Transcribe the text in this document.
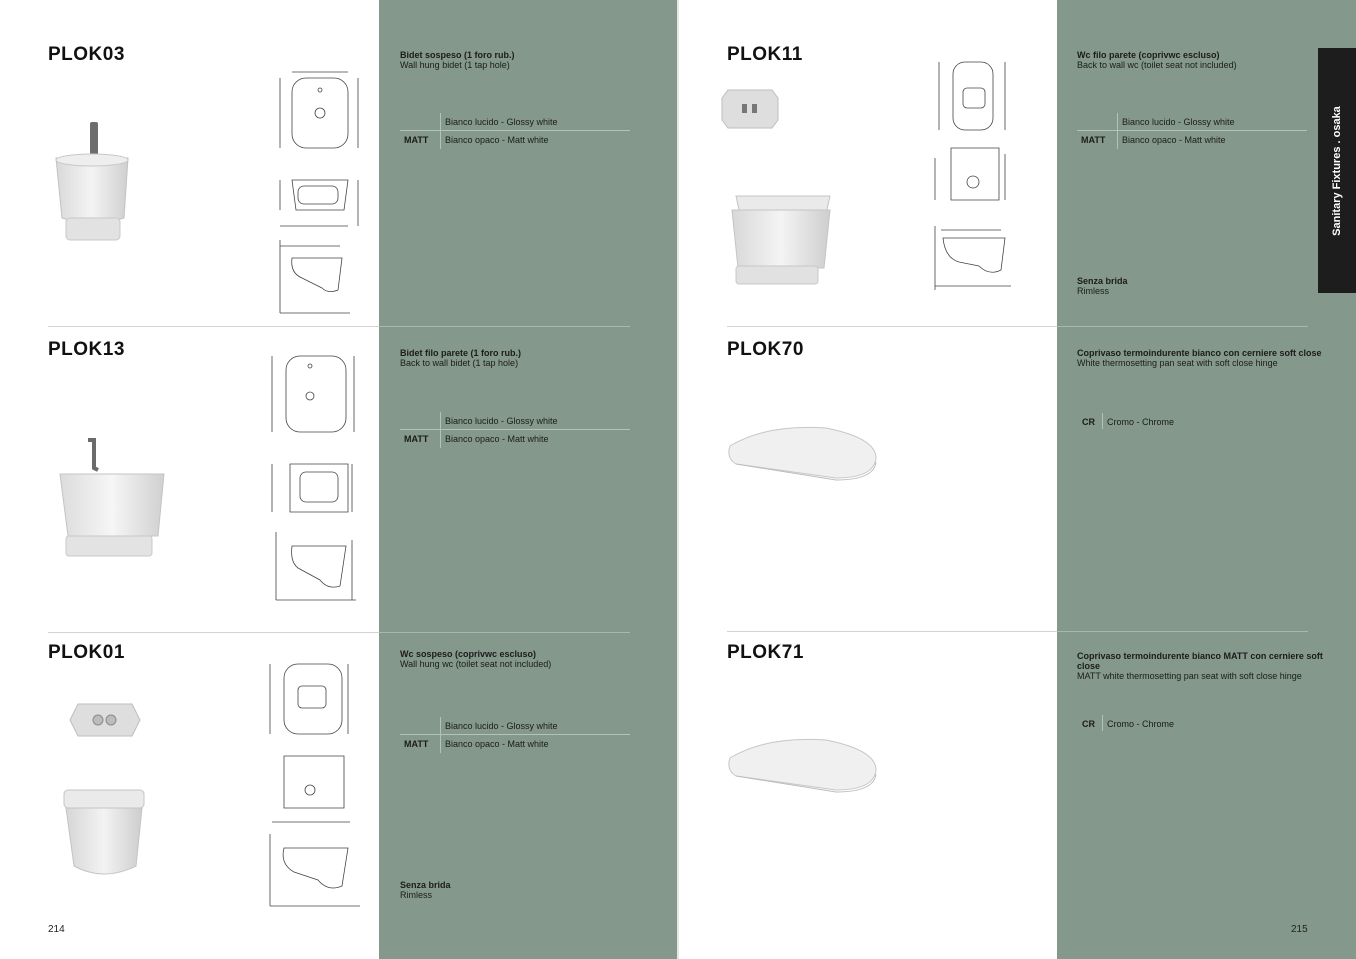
PLOK03	Bidet sospeso (1 foro rub.)
Wall hung bidet (1 tap hole)
Bianco lucido - Glossy white
MATT Bianco opaco - Matt white
PLOK13	Bidet filo parete (1 foro rub.)
Back to wall bidet (1 tap hole)
Bianco lucido - Glossy white
MATT Bianco opaco - Matt white
PLOK01	Wc sospeso (coprivwc escluso)
Wall hung wc (toilet seat not included)
Bianco lucido - Glossy white
MATT Bianco opaco - Matt white
Senza brida
Rimless
214
PLOK11	Wc filo parete (coprivwc escluso)
Back to wall wc (toilet seat not included)
Bianco lucido - Glossy white
MATT Bianco opaco - Matt white
Senza brida
Rimless
PLOK70	Coprivaso termoindurente bianco con cerniere soft close
White thermosetting pan seat with soft close hinge
CR Cromo - Chrome
PLOK71	Coprivaso termoindurente bianco MATT con cerniere soft close
MATT white thermosetting pan seat with soft close hinge
CR Cromo - Chrome
215
Sanitary Fixtures . osaka
